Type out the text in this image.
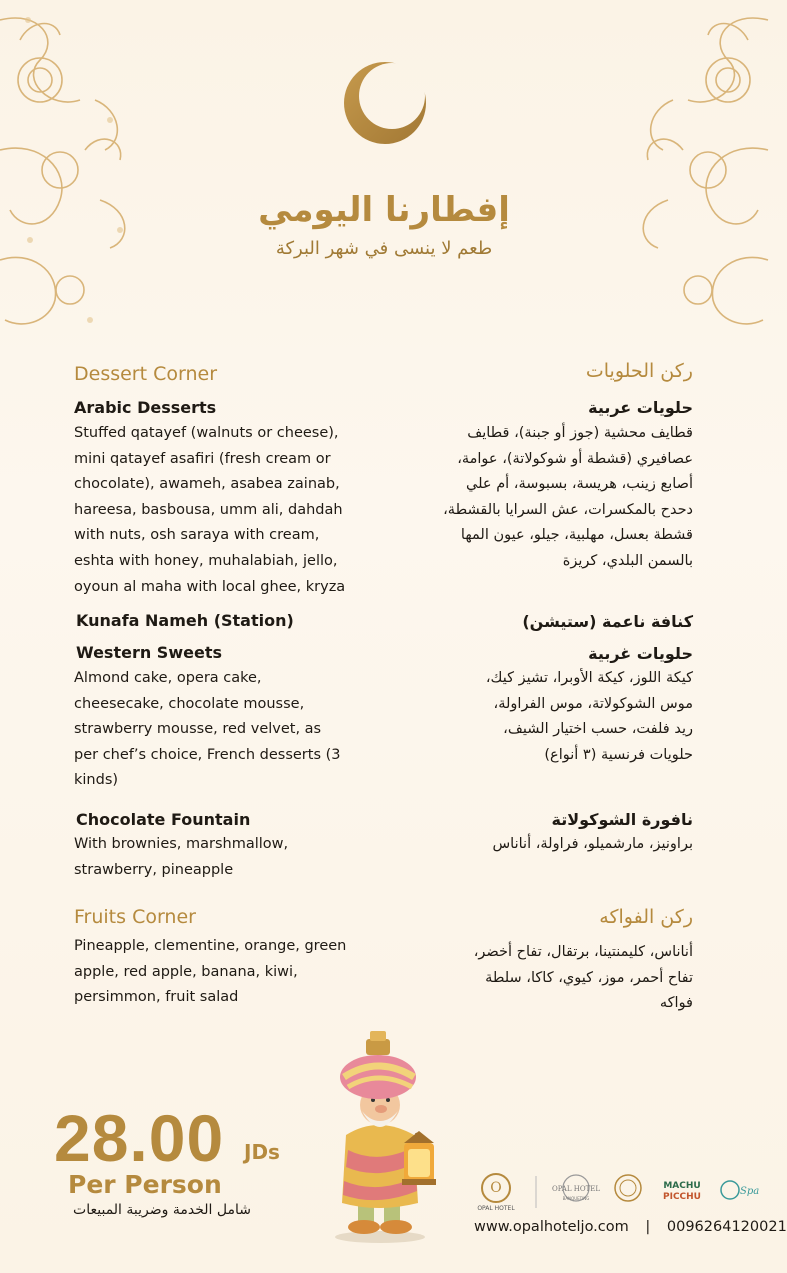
إفطارنا اليومي
طعم لا ينسى في شهر البركة
Dessert Corner
Arabic Desserts
Stuffed qatayef (walnuts or cheese),
mini qatayef asafiri (fresh cream or
chocolate), awameh, asabea zainab,
hareesa, basbousa, umm ali, dahdah
with nuts, osh saraya with cream,
eshta with honey, muhalabiah, jello,
oyoun al maha with local ghee, kryza
Kunafa Nameh (Station)
Western Sweets
Almond cake, opera cake,
cheesecake, chocolate mousse,
strawberry mousse, red velvet, as
per chef’s choice, French desserts (3
kinds)
Chocolate Fountain
With brownies, marshmallow,
strawberry, pineapple
Fruits Corner
Pineapple, clementine, orange, green
apple, red apple, banana, kiwi,
persimmon, fruit salad
ركن الحلويات
حلويات عربية
قطايف محشية (جوز أو جبنة)، قطايف
عصافيري (قشطة أو شوكولاتة)، عوامة،
أصابع زينب، هريسة، بسبوسة، أم علي
دحدح بالمكسرات، عش السرايا بالقشطة،
قشطة بعسل، مهلبية، جيلو، عيون المها
بالسمن البلدي، كريزة
كنافة ناعمة (ستيشن)
حلويات غربية
كيكة اللوز، كيكة الأوبرا، تشيز كيك،
موس الشوكولاتة، موس الفراولة،
ريد فلفت، حسب اختيار الشيف،
حلويات فرنسية (٣ أنواع)
نافورة الشوكولاتة
براونيز، مارشميلو، فراولة، أناناس
ركن الفواكه
أناناس، كليمنتينا، برتقال، تفاح أخضر،
تفاح أحمر، موز، كيوي، كاكا، سلطة
فواكه
28.00 JDs
Per Person
شامل الخدمة وضريبة المبيعات
O
OPAL HOTEL
OPAL HOTEL
BANQUETING
MACHU
PICCHU	Spa
www.opalhoteljo.com | 0096264120021
